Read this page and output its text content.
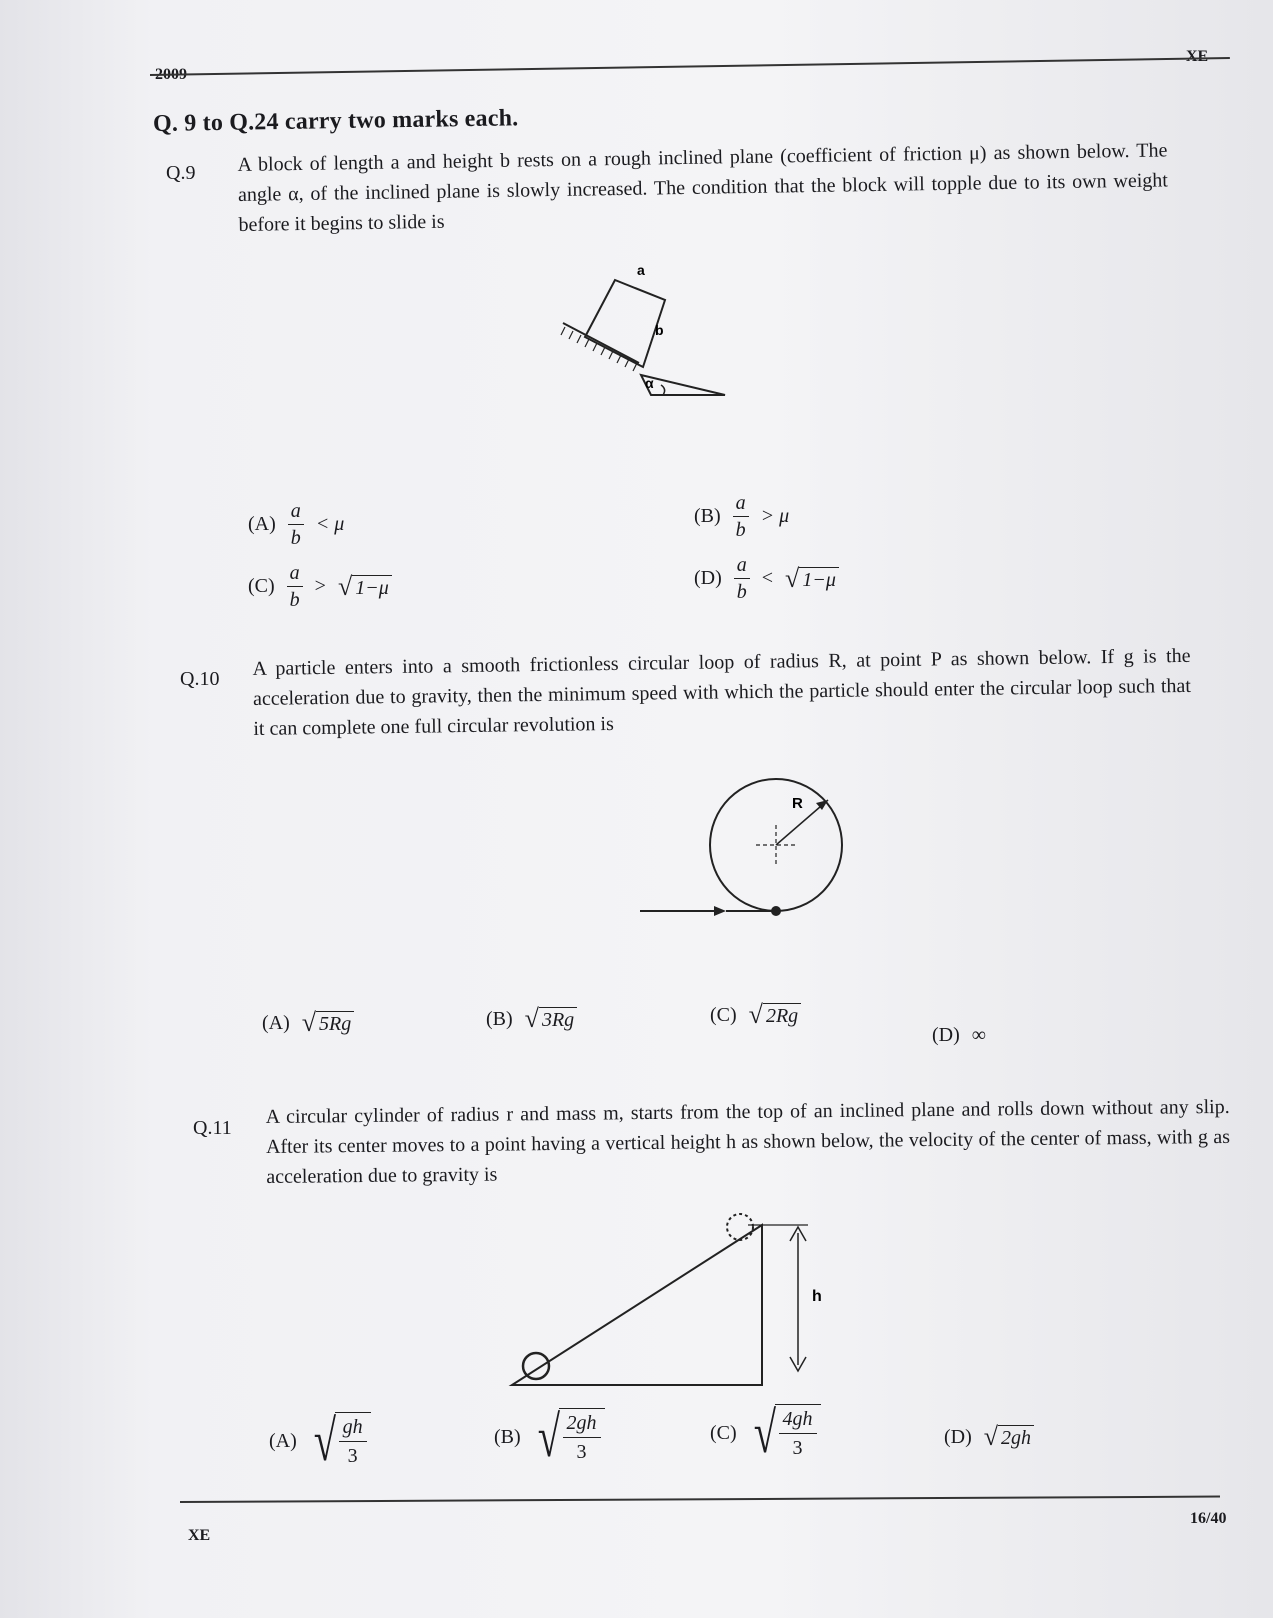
2009
XE
Q. 9 to Q.24 carry two marks each.
Q.9 A block of length a and height b rests on a rough inclined plane (coefficient of friction μ) as shown below. The angle α, of the inclined plane is slowly increased. The condition that the block will topple due to its own weight before it begins to slide is
a
b
α
$(A) \frac{a}{b} < \mu$	$(B) \frac{a}{b} > \mu$
$(C) \frac{a}{b}$ > √ 1−μ	$(D) \frac{a}{b}$ < √ 1−μ
Q.10 A particle enters into a smooth frictionless circular loop of radius R, at point P as shown below. If g is the acceleration due to gravity, then the minimum speed with which the particle should enter the circular loop such that it can complete one full circular revolution is
R
(A) √ 5Rg	(B) √ 3Rg	(C) √ 2Rg
(D) ∞
Q.11 A circular cylinder of radius r and mass m, starts from the top of an inclined plane and rolls down without any slip. After its center moves to a point having a vertical height h as shown below, the velocity of the center of mass, with g as acceleration due to gravity is
h
(A) √
$\frac{gh}{3}$	(B) √
$\frac{2gh}{3}$	(C) √
$\frac{4gh}{3}$	(D) √ 2gh
XE
16/40
